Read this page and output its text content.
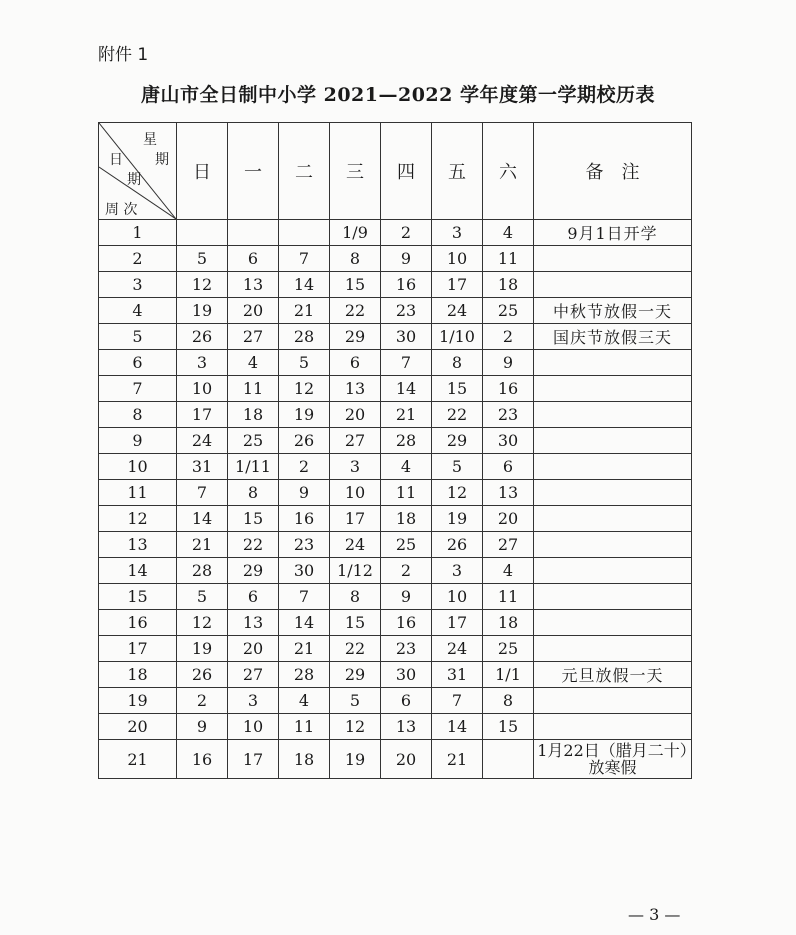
附件 1
唐山市全日制中小学 2021—2022 学年度第一学期校历表
星
期
日
期
周 次	日	一	二	三	四	五	六	备　注
1				1/9	2	3	4	9月1日开学
2	5	6	7	8	9	10	11	
3	12	13	14	15	16	17	18	
4	19	20	21	22	23	24	25	中秋节放假一天
5	26	27	28	29	30	1/10	2	国庆节放假三天
6	3	4	5	6	7	8	9	
7	10	11	12	13	14	15	16	
8	17	18	19	20	21	22	23	
9	24	25	26	27	28	29	30	
10	31	1/11	2	3	4	5	6	
11	7	8	9	10	11	12	13	
12	14	15	16	17	18	19	20	
13	21	22	23	24	25	26	27	
14	28	29	30	1/12	2	3	4	
15	5	6	7	8	9	10	11	
16	12	13	14	15	16	17	18	
17	19	20	21	22	23	24	25	
18	26	27	28	29	30	31	1/1	元旦放假一天
19	2	3	4	5	6	7	8	
20	9	10	11	12	13	14	15	
21	16	17	18	19	20	21		1月22日（腊月二十）放寒假
— 3 —
